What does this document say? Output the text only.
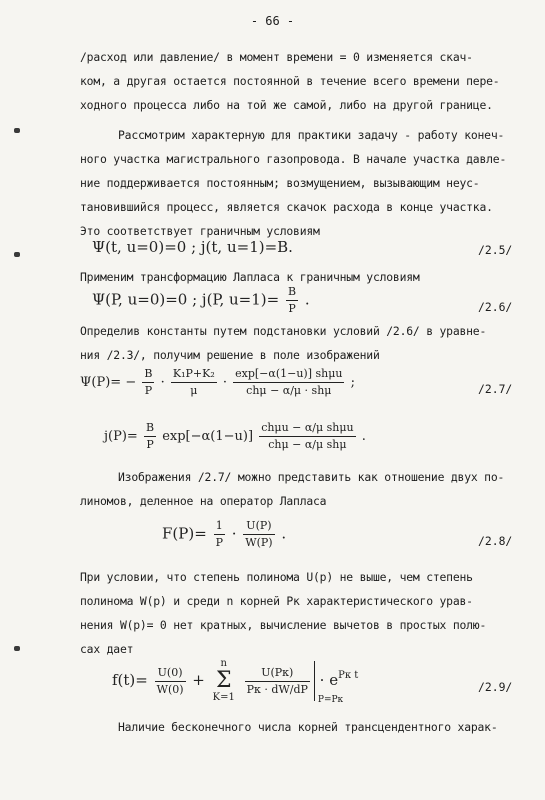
- 66 -
/расход или давление/ в момент времени = 0 изменяется скач-
ком, а другая остается постоянной в течение всего времени пере-
ходного процесса либо на той же самой, либо на другой границе.
Рассмотрим характерную для практики задачу - работу конеч-
ного участка магистрального газопровода. В начале участка давле-
ние поддерживается постоянным; возмущением, вызывающим неус-
тановившийся процесс, является скачок расхода в конце участка.
Это соответствует граничным условиям
Ψ(t, u=0)=0 ; j(t, u=1)=B.	/2.5/
Применим трансформацию Лапласа к граничным условиям
Ψ(P, u=0)=0 ; j(P, $u=1)= \frac{B}{P}$ .	/2.6/
Определив константы путем подстановки условий /2.6/ в уравне-
ния /2.3/, получим решение в поле изображений
$\Psi(P)= - \frac{B}{P} \cdot \frac{\text{K₁P+K₂}}{\mu} \cdot \frac{\text{exp[−α(1−u)] shμu}}{\text{chμ − α/μ · shμ}}$ ;	/2.7/
$j(P)= \frac{B}{P} \exp[-\alpha(1-u)] \frac{\text{chμu − α/μ shμu}}{\text{chμ − α/μ shμ}}$ .
Изображения /2.7/ можно представить как отношение двух по-
линомов, деленное на оператор Лапласа
$F(P)= \frac{1}{P} \cdot \frac{U(P)}{W(P)}$ .	/2.8/
При условии, что степень полинома U(p) не выше, чем степень
полинома W(p) и среди n корней Pк характеристического урав-
нения W(p)= 0 нет кратных, вычисление вычетов в простых полю-
сах дает
$f(t)= \frac{U(0)}{W(0)} + n$
Σ
$K=1 \frac{U(Pк)}{Pк \cdot dW/dP}$
P=Pк
· $e^{Pк t}$
/2.9/
Наличие бесконечного числа корней трансцендентного харак-
